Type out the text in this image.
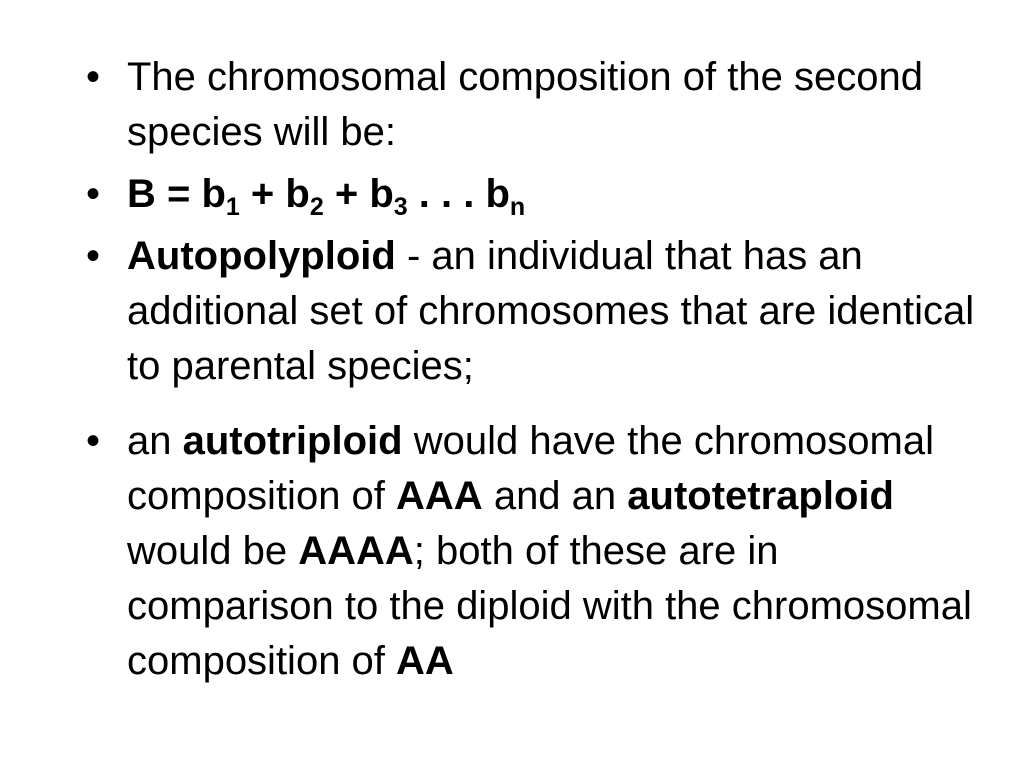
• The chromosomal composition of the second species will be:
• $B = b_1 + b_2 + b_3$ . . . $b_n$
• Autopolyploid - an individual that has an additional set of chromosomes that are identical to parental species;
• an autotriploid would have the chromosomal composition of AAA and an autotetraploid would be AAAA; both of these are in comparison to the diploid with the chromosomal composition of AA
